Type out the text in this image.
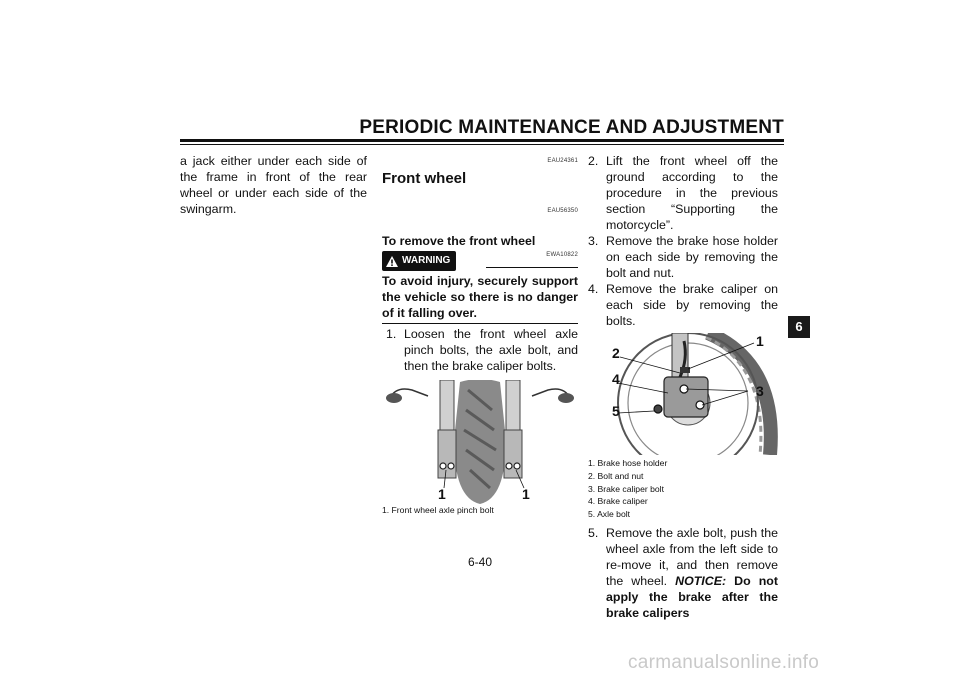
PERIODIC MAINTENANCE AND ADJUSTMENT
a jack either under each side of the frame in front of the rear wheel or under each side of the swingarm.
EAU24361
Front wheel
EAU56350
To remove the front wheel
WARNING
EWA10822
To avoid injury, securely support the vehicle so there is no danger of it falling over.
1. Loosen the front wheel axle pinch bolts, the axle bolt, and then the brake caliper bolts.
1	1
1. Front wheel axle pinch bolt
2. Lift the front wheel off the ground according to the procedure in the previous section “Supporting the motorcycle”.
3. Remove the brake hose holder on each side by removing the bolt and nut.
4. Remove the brake caliper on each side by removing the bolts.
1
2
3
4
5
1. Brake hose holder
2. Bolt and nut
3. Brake caliper bolt
4. Brake caliper
5. Axle bolt
5. Remove the axle bolt, push the wheel axle from the left side to re-move it, and then remove the wheel. NOTICE: Do not apply the brake after the brake calipers
6
6-40
carmanualsonline.info
